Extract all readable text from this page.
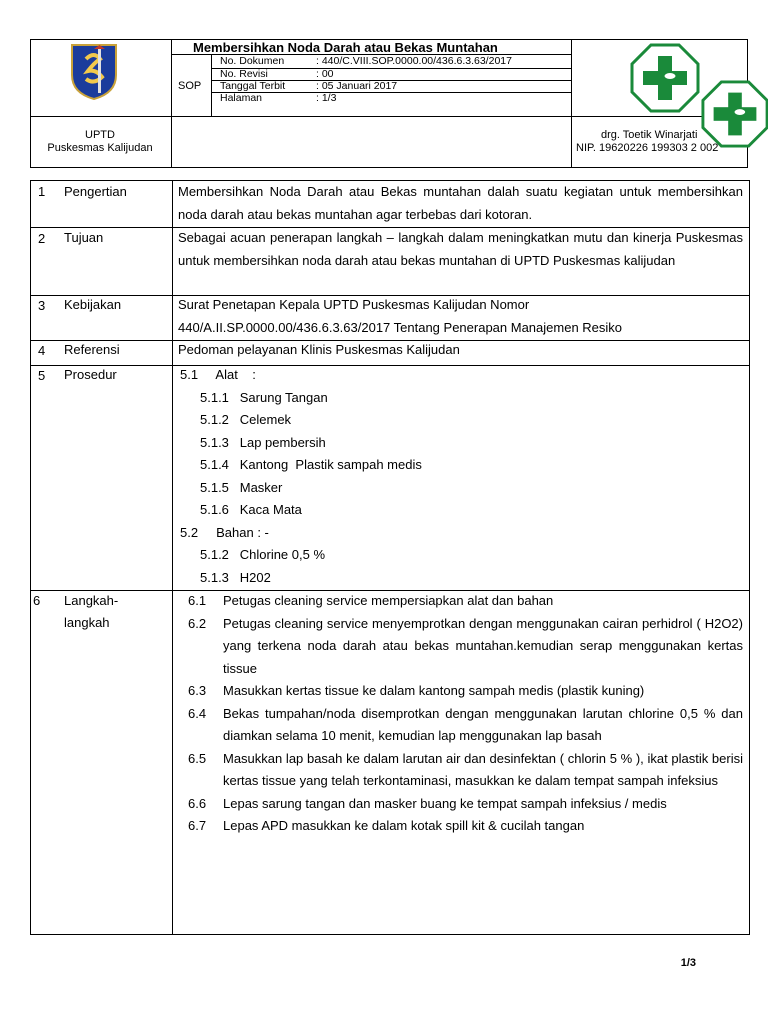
Membersihkan Noda Darah atau Bekas Muntahan
SOP
No. Dokumen	: 440/C.VIII.SOP.0000.00/436.6.3.63/2017
No. Revisi	: 00
Tanggal Terbit	: 05 Januari 2017
Halaman	: 1/3
UPTD
Puskesmas Kalijudan
drg. Toetik Winarjati
NIP. 19620226 199303 2 002
1 Pengertian	Membersihkan Noda Darah atau Bekas muntahan dalah suatu kegiatan untuk membersihkan noda darah atau bekas muntahan agar terbebas dari kotoran.
2 Tujuan	Sebagai acuan penerapan langkah – langkah dalam meningkatkan mutu dan kinerja Puskesmas untuk membersihkan noda darah atau bekas muntahan di UPTD Puskesmas kalijudan
3 Kebijakan	Surat Penetapan Kepala UPTD Puskesmas Kalijudan Nomor 440/A.II.SP.0000.00/436.6.3.63/2017 Tentang Penerapan Manajemen Resiko
4 Referensi	Pedoman pelayanan Klinis Puskesmas Kalijudan
5 Prosedur	5.1     Alat    :
5.1.1   Sarung Tangan
5.1.2   Celemek
5.1.3   Lap pembersih
5.1.4   Kantong  Plastik sampah medis
5.1.5   Masker
5.1.6   Kaca Mata
5.2     Bahan : -
5.1.2   Chlorine 0,5 %
5.1.3   H202
6 Langkah-
langkah
6.1	Petugas cleaning service mempersiapkan alat dan bahan
6.2	Petugas cleaning service menyemprotkan dengan menggunakan cairan perhidrol ( H2O2) yang terkena noda darah atau bekas muntahan.kemudian serap menggunakan kertas tissue
6.3	Masukkan kertas tissue ke dalam kantong sampah medis (plastik kuning)
6.4	Bekas tumpahan/noda disemprotkan dengan menggunakan larutan chlorine 0,5 % dan diamkan selama 10 menit, kemudian lap menggunakan lap basah
6.5	Masukkan lap basah ke dalam larutan air dan desinfektan ( chlorin 5 % ), ikat plastik berisi kertas tissue yang telah terkontaminasi, masukkan ke dalam tempat sampah infeksius
6.6	Lepas sarung tangan dan masker buang ke tempat sampah infeksius / medis
6.7	Lepas APD masukkan ke dalam kotak spill kit & cucilah tangan
1/3
